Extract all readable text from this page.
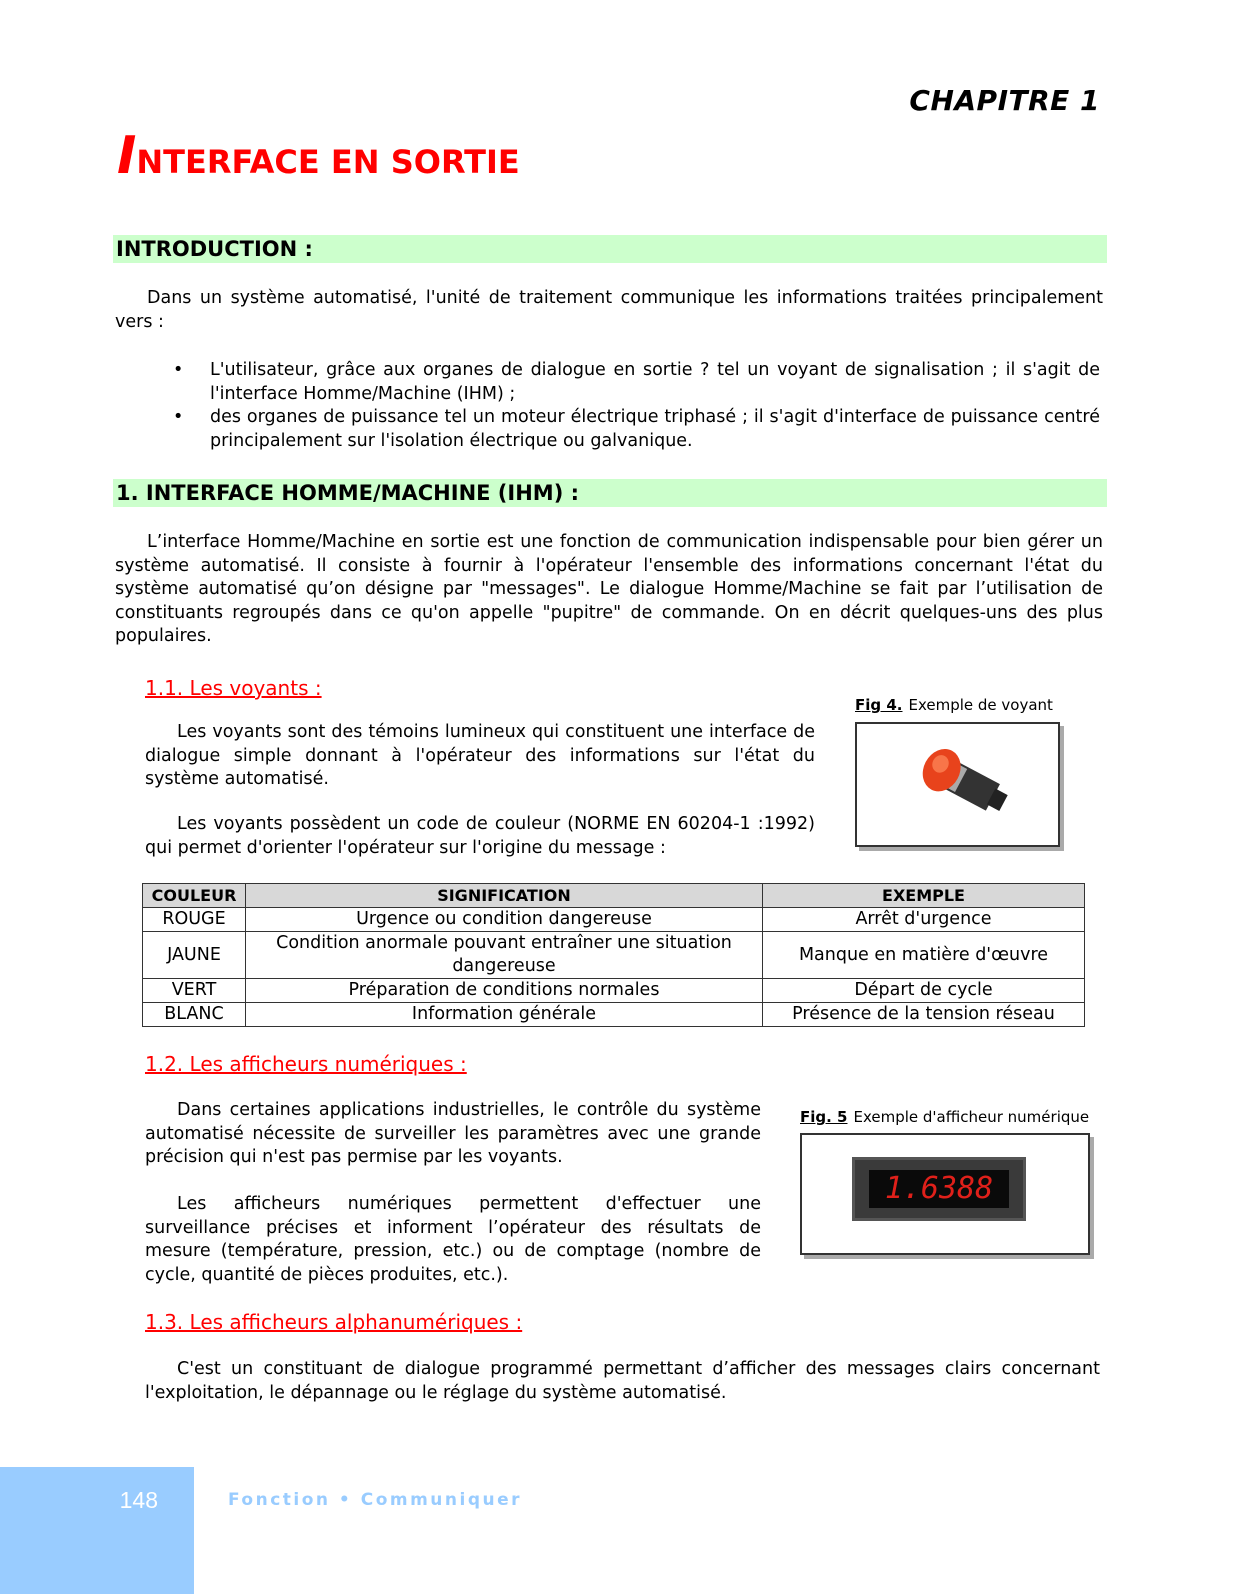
CHAPITRE 1
INTERFACE EN SORTIE
INTRODUCTION :
Dans un système automatisé, l'unité de traitement communique les informations traitées principalement vers :
• L'utilisateur, grâce aux organes de dialogue en sortie ? tel un voyant de signalisation ; il s'agit de l'interface Homme/Machine (IHM) ;
• des organes de puissance tel un moteur électrique triphasé ; il s'agit d'interface de puissance centré principalement sur l'isolation électrique ou galvanique.
1. INTERFACE HOMME/MACHINE (IHM) :
L’interface Homme/Machine en sortie est une fonction de communication indispensable pour bien gérer un système automatisé. Il consiste à fournir à l'opérateur l'ensemble des informations concernant l'état du système automatisé qu’on désigne par "messages". Le dialogue Homme/Machine se fait par l’utilisation de constituants regroupés dans ce qu'on appelle "pupitre" de commande. On en décrit quelques-uns des plus populaires.
1.1. Les voyants :
Les voyants sont des témoins lumineux qui constituent une interface de dialogue simple donnant à l'opérateur des informations sur l'état du système automatisé.
Les voyants possèdent un code de couleur (NORME EN 60204-1 :1992) qui permet d'orienter l'opérateur sur l'origine du message :
Fig 4. Exemple de voyant
COULEUR	SIGNIFICATION	EXEMPLE
ROUGE	Urgence ou condition dangereuse	Arrêt d'urgence
JAUNE	Condition anormale pouvant entraîner une situation dangereuse	Manque en matière d'œuvre
VERT	Préparation de conditions normales	Départ de cycle
BLANC	Information générale	Présence de la tension réseau
1.2. Les afficheurs numériques :
Dans certaines applications industrielles, le contrôle du système automatisé nécessite de surveiller les paramètres avec une grande précision qui n'est pas permise par les voyants.
Les afficheurs numériques permettent d'effectuer une surveillance précises et informent l’opérateur des résultats de mesure (température, pression, etc.) ou de comptage (nombre de cycle, quantité de pièces produites, etc.).
Fig. 5 Exemple d'afficheur numérique
1.6388
1.3. Les afficheurs alphanumériques :
C'est un constituant de dialogue programmé permettant d’afficher des messages clairs concernant l'exploitation, le dépannage ou le réglage du système automatisé.
148	Fonction • Communiquer
